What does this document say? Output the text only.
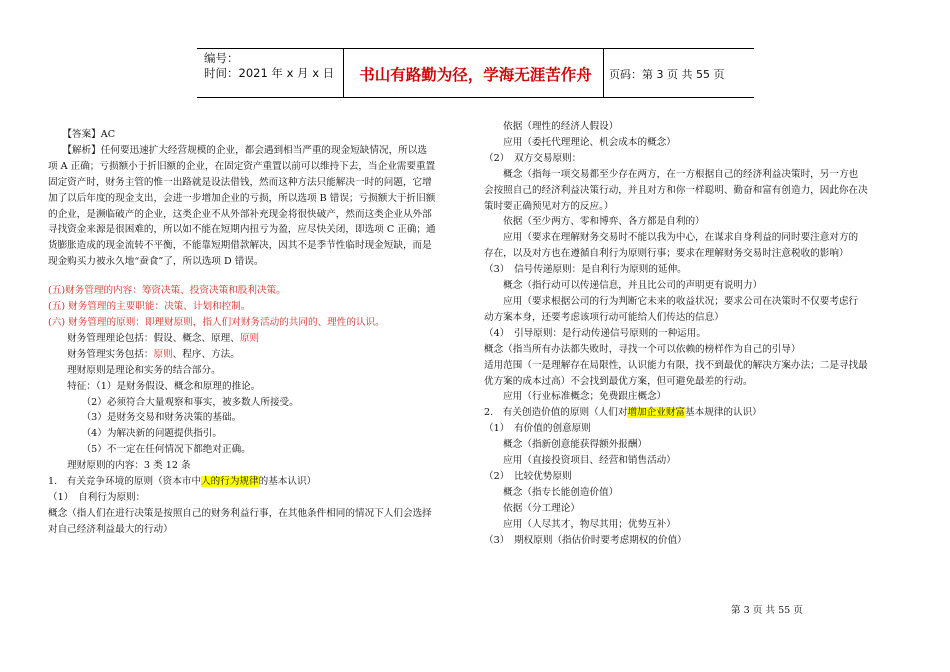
编号：
时间：2021 年 x 月 x 日	书山有路勤为径，学海无涯苦作舟	页码：第 3 页 共 55 页

　　【答案】AC

　　【解析】任何要迅速扩大经营规模的企业，都会遇到相当严重的现金短缺情况，所以选

项 A 正确；亏损额小于折旧额的企业，在固定资产重置以前可以维持下去，当企业需要重置

固定资产时，财务主管的惟一出路就是设法借钱，然而这种方法只能解决一时的问题，它增

加了以后年度的现金支出，会进一步增加企业的亏损，所以选项 B 错误；亏损额大于折旧额

的企业，是濒临破产的企业，这类企业不从外部补充现金将很快破产，然而这类企业从外部

寻找资金来源是很困难的，所以如不能在短期内扭亏为盈，应尽快关闭，即选项 C 正确；通

货膨胀造成的现金流转不平衡，不能靠短期借款解决，因其不是季节性临时现金短缺，而是

现金购买力被永久地“蚕食”了，所以选项 D 错误。

(五)财务管理的内容：筹资决策、投资决策和股利决策。

(五) 财务管理的主要职能：决策、计划和控制。

(六) 财务管理的原则：即理财原则，指人们对财务活动的共同的、理性的认识。

　　财务管理理论包括：假设、概念、原理、原则

　　财务管理实务包括：原则、程序、方法。

　　理财原则是理论和实务的结合部分。

　　特征：（1）是财务假设、概念和原理的推论。

　　　　（2）必须符合大量观察和事实，被多数人所接受。

　　　　（3）是财务交易和财务决策的基础。

　　　　（4）为解决新的问题提供指引。

　　　　（5）不一定在任何情况下都绝对正确。

　　理财原则的内容：3 类 12 条

1.　有关竞争环境的原则（资本市中人的行为规律的基本认识）

（1）　自利行为原则：

概念（指人们在进行决策是按照自己的财务利益行事，在其他条件相同的情况下人们会选择

对自己经济利益最大的行动）

　　依据（理性的经济人假设）

　　应用（委托代理理论、机会成本的概念）

（2）　双方交易原则：

　　概念（指每一项交易都至少存在两方，在一方根据自己的经济利益决策时，另一方也

会按照自己的经济利益决策行动，并且对方和你一样聪明、勤奋和富有创造力，因此你在决

策时要正确预见对方的反应。）

　　依据（至少两方、零和博弈、各方都是自利的）

　　应用（要求在理解财务交易时不能以我为中心，在谋求自身利益的同时要注意对方的

存在，以及对方也在遵循自利行为原则行事；要求在理解财务交易时注意税收的影响）

（3）　信号传递原则：是自利行为原则的延伸。

　　概念（指行动可以传递信息，并且比公司的声明更有说明力）

　　应用（要求根据公司的行为判断它未来的收益状况；要求公司在决策时不仅要考虑行

动方案本身，还要考虑该项行动可能给人们传达的信息）

（4）　引导原则：是行动传递信号原则的一种运用。

概念（指当所有办法都失败时，寻找一个可以依赖的榜样作为自己的引导）

适用范围（一是理解存在局限性，认识能力有限，找不到最优的解决方案办法；二是寻找最

优方案的成本过高）不会找到最优方案，但可避免最差的行动。

　　应用（行业标准概念；免费跟庄概念）

2.　有关创造价值的原则（人们对增加企业财富基本规律的认识）

（1）　有价值的创意原则

　　概念（指新创意能获得额外报酬）

　　应用（直接投资项目、经营和销售活动）

（2）　比较优势原则

　　概念（指专长能创造价值）

　　依据（分工理论）

　　应用（人尽其才，物尽其用；优势互补）

（3）　期权原则（指估价时要考虑期权的价值）

第 3 页 共 55 页
